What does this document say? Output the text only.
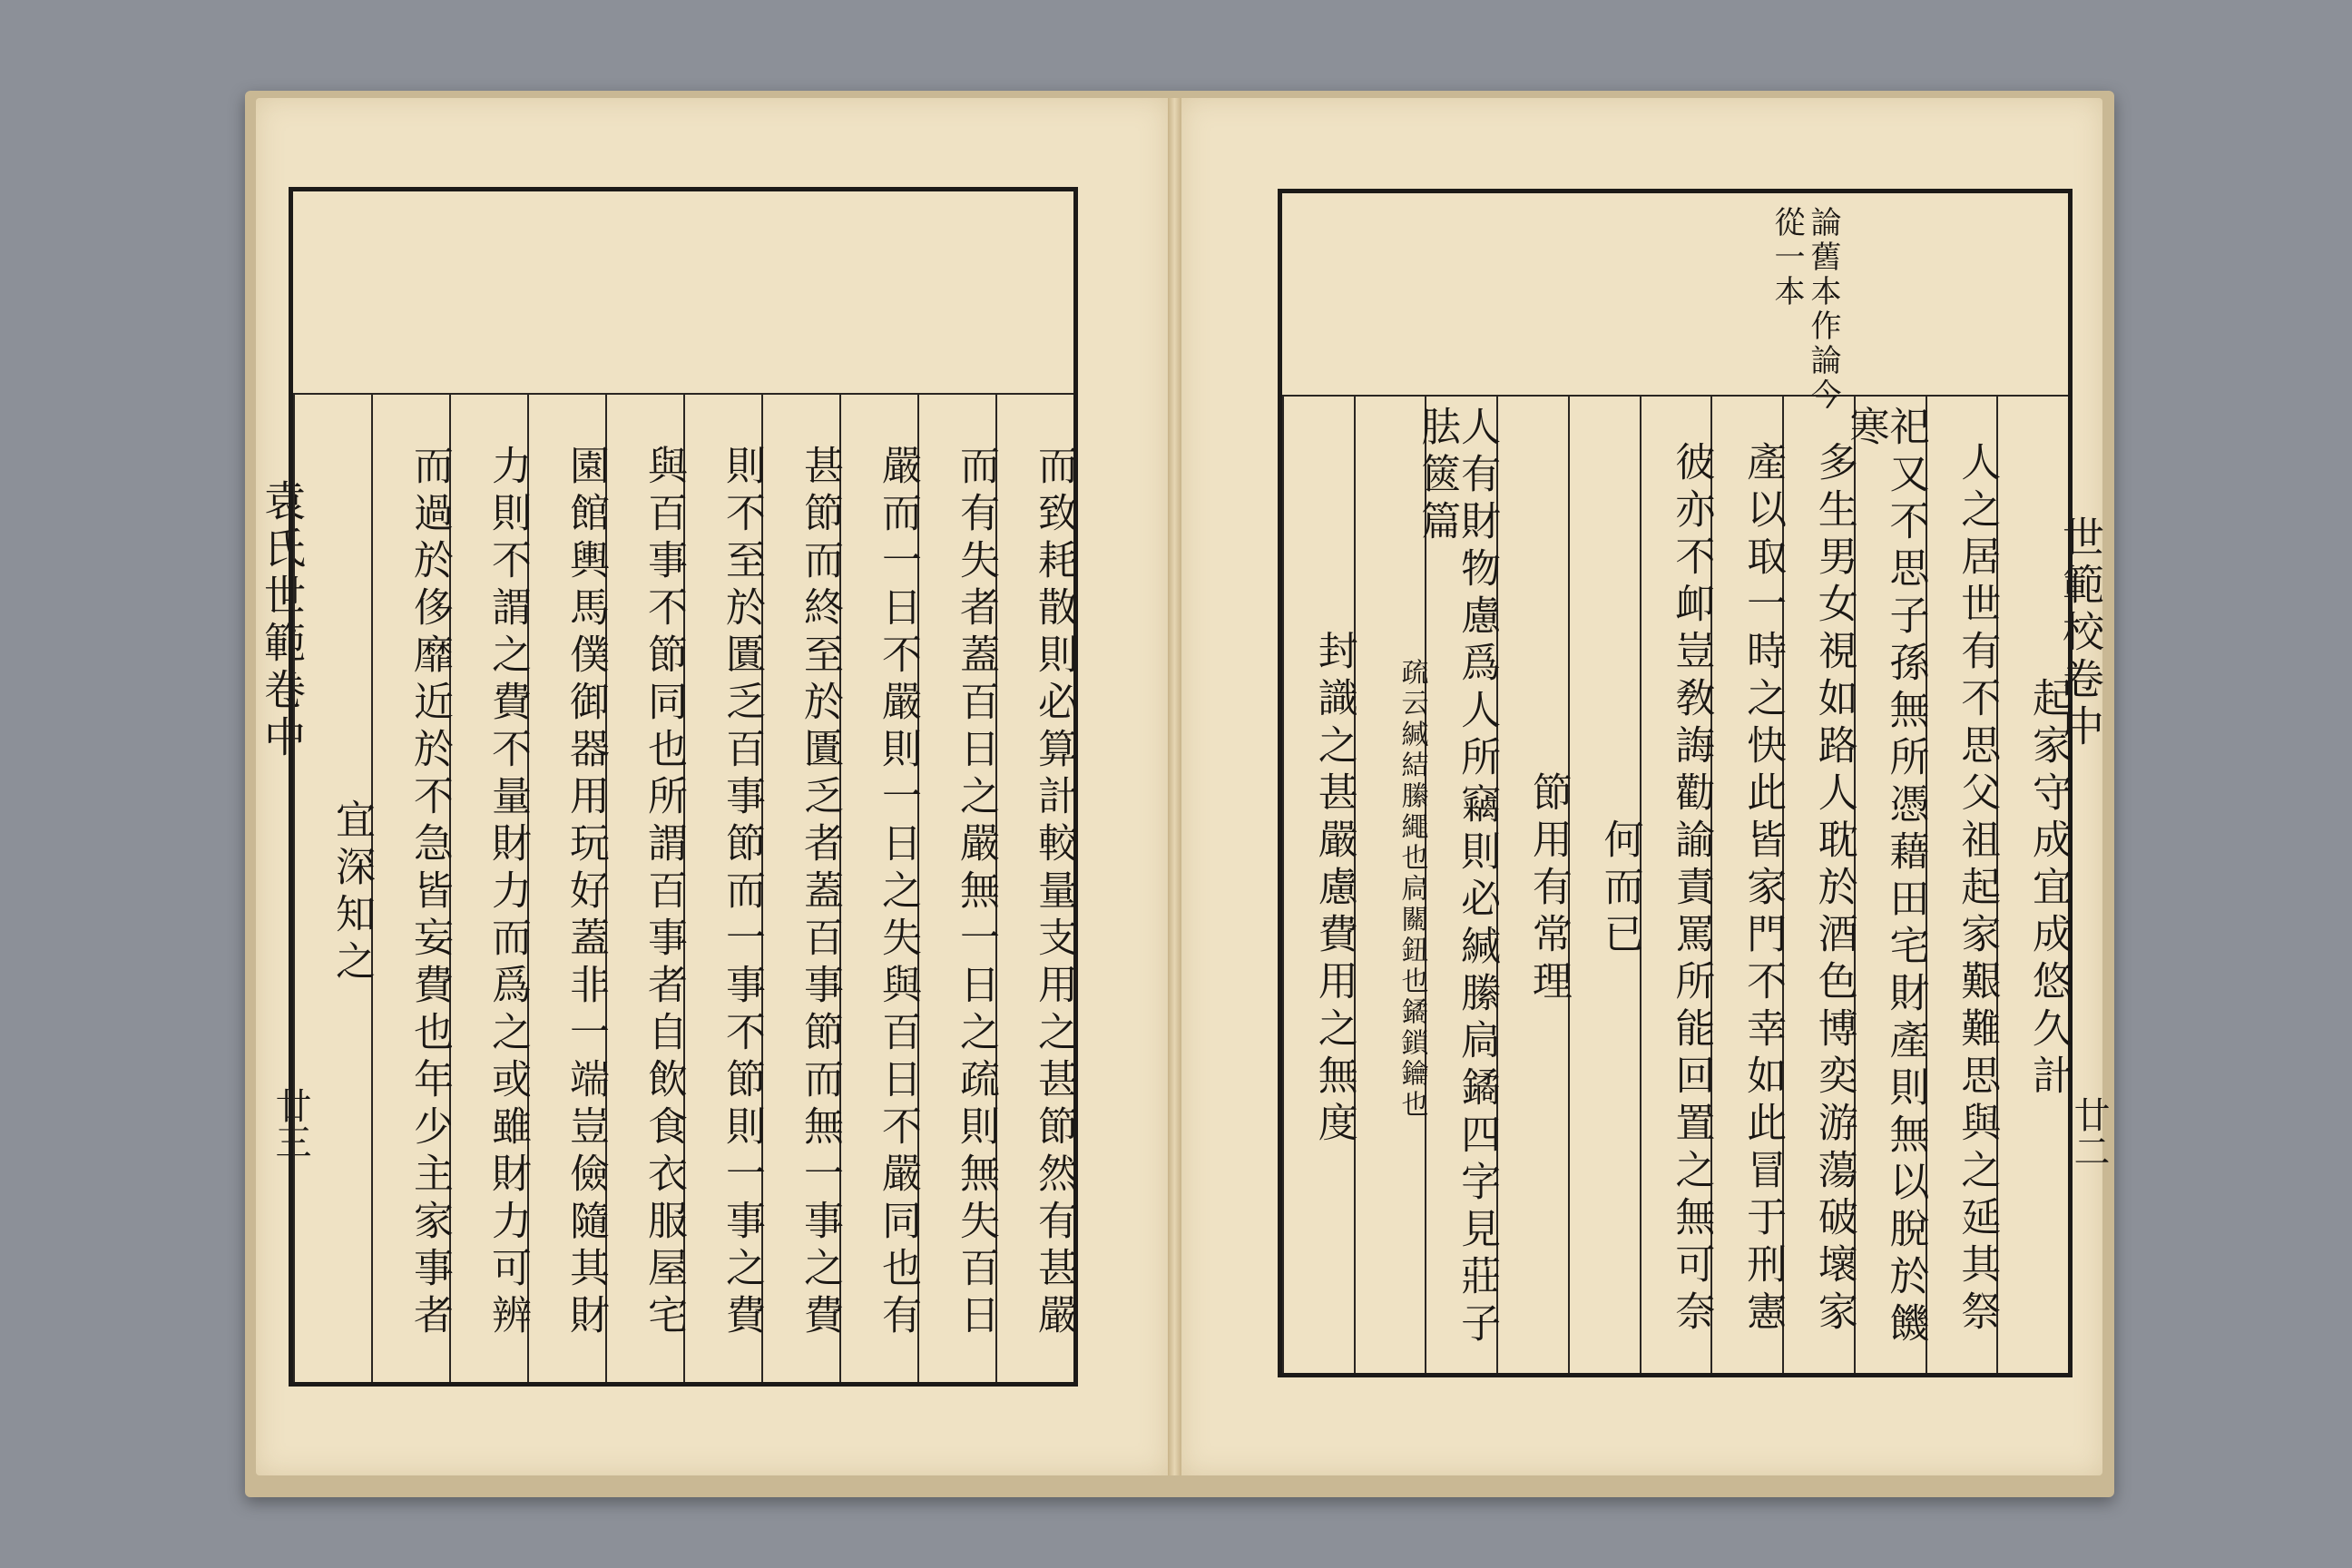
袁氏世範卷中
廿三
世範校卷中
廿二
而致耗散則必算計較量支用之甚節然有甚嚴
而有失者蓋百日之嚴無一日之疏則無失百日
嚴而一日不嚴則一日之失與百日不嚴同也有
甚節而終至於匱乏者蓋百事節而無一事之費
則不至於匱乏百事節而一事不節則一事之費
與百事不節同也所謂百事者自飲食衣服屋宅
園館輿馬僕御器用玩好蓋非一端豈儉隨其財
力則不謂之費不量財力而爲之或雖財力可辨
而過於侈靡近於不急皆妄費也年少主家事者
宜深知之
論舊本作論今
從一本
起家守成宜成悠久計
人之居世有不思父祖起家艱難思與之延其祭
祀又不思子孫無所憑藉田宅財產則無以脫於饑寒
多生男女視如路人耽於酒色博奕游蕩破壞家
產以取一時之快此皆家門不幸如此冒于刑憲
彼亦不卹豈敎誨勸諭責罵所能回置之無可奈
何而已
節用有常理
人有財物慮爲人所竊則必緘縢扃鐍四字見莊子胠篋篇
疏云緘結縢繩也扃關鈕也鐍鎖鑰也
封識之甚嚴慮費用之無度
